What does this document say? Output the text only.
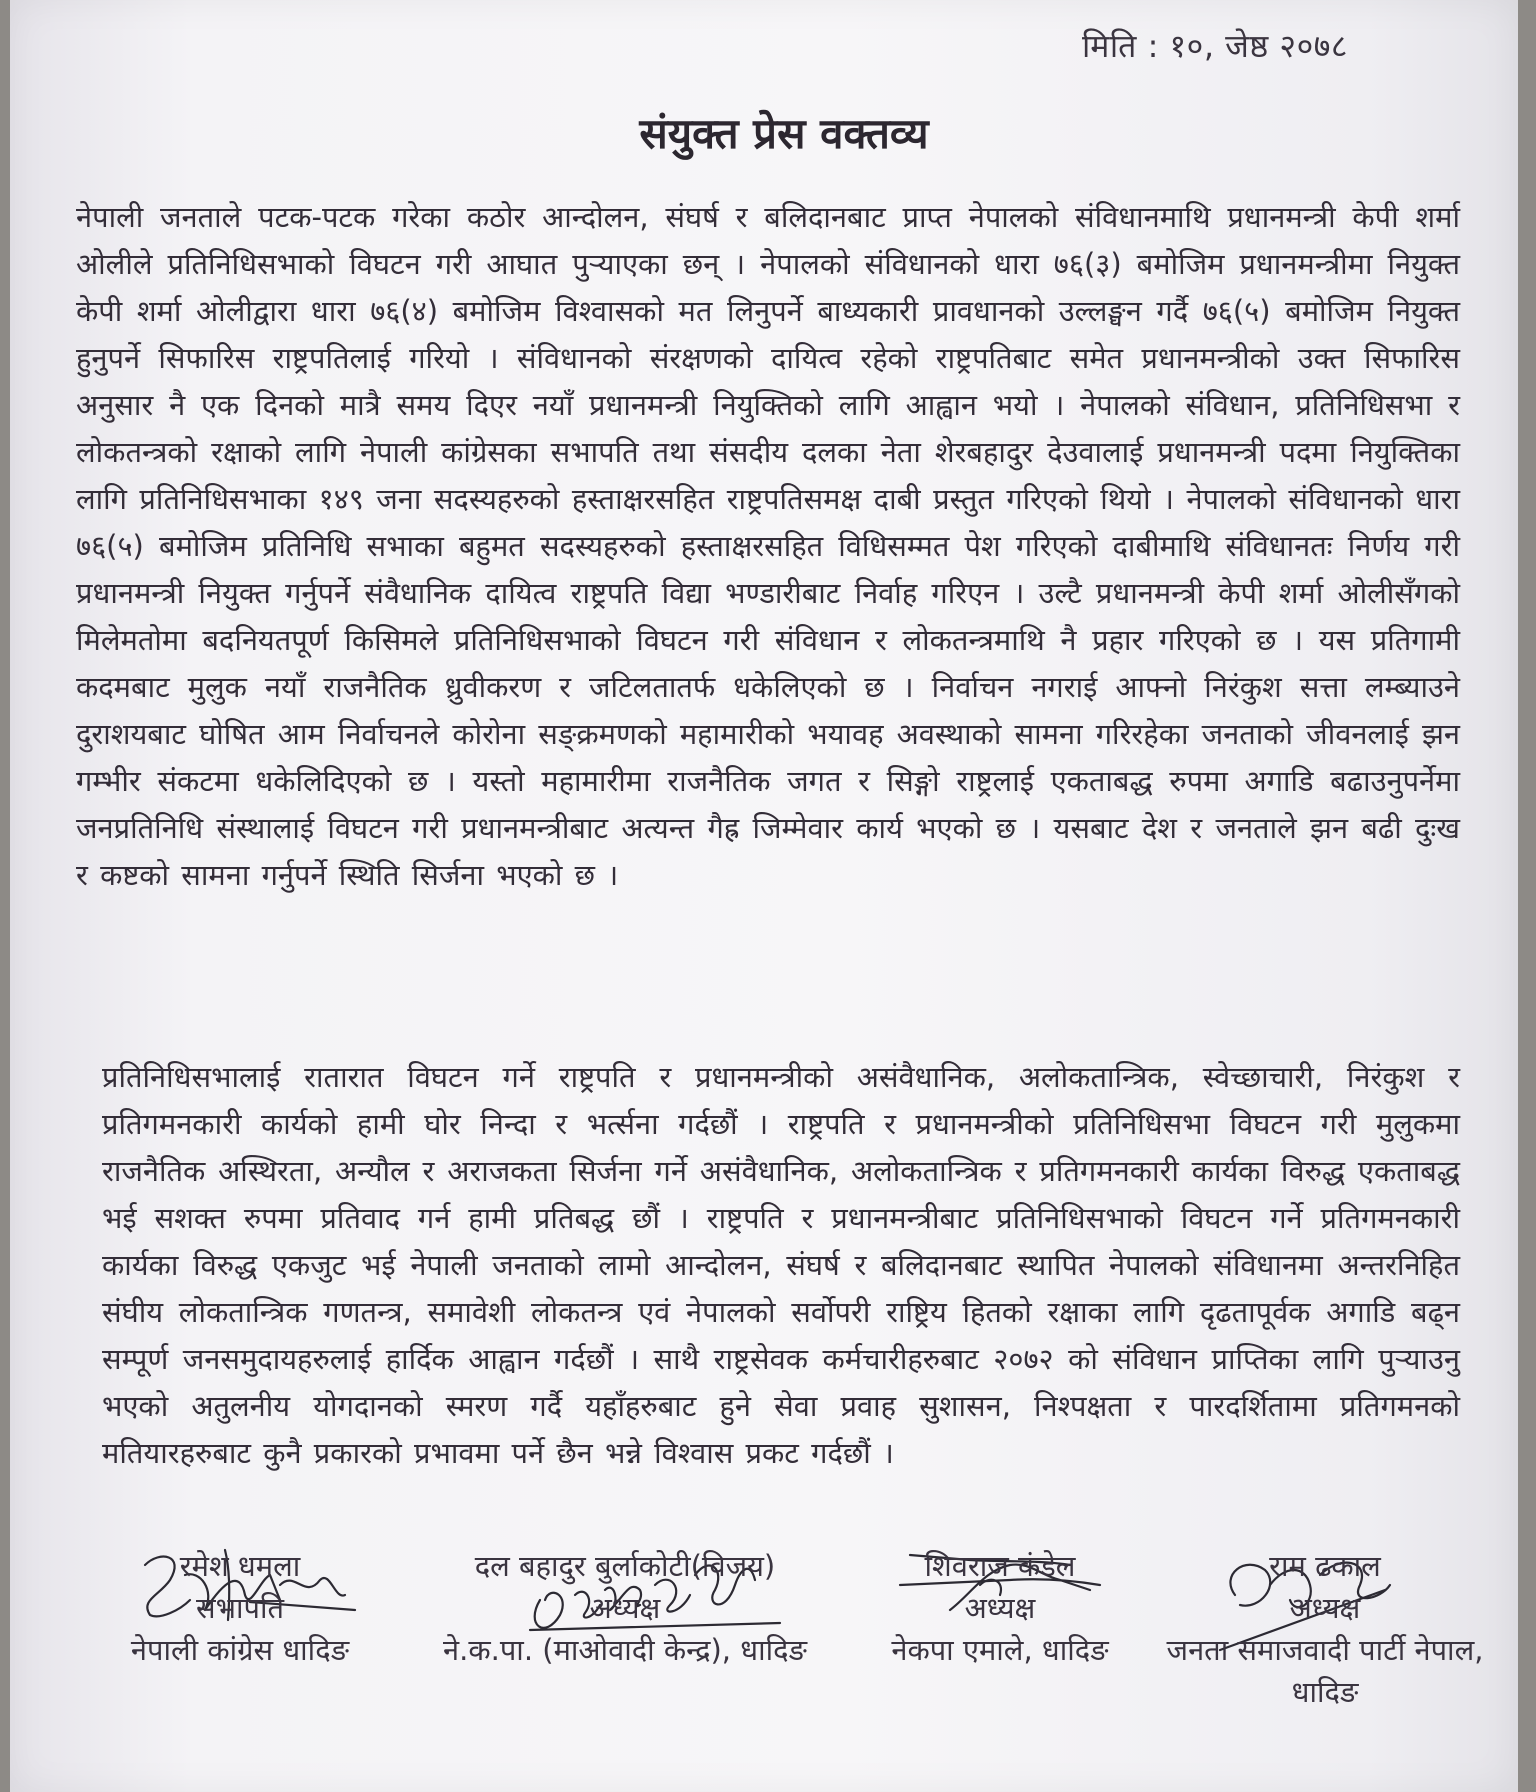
मिति : १०, जेष्ठ २०७८
संयुक्त प्रेस वक्तव्य

नेपाली जनताले पटक-पटक गरेका कठोर आन्दोलन, संघर्ष र बलिदानबाट प्राप्त नेपालको संविधानमाथि प्रधानमन्त्री केपी शर्मा ओलीले प्रतिनिधिसभाको विघटन गरी आघात पुऱ्याएका छन् । नेपालको संविधानको धारा ७६(३) बमोजिम प्रधानमन्त्रीमा नियुक्त केपी शर्मा ओलीद्वारा धारा ७६(४) बमोजिम विश्वासको मत लिनुपर्ने बाध्यकारी प्रावधानको उल्लङ्घन गर्दै ७६(५) बमोजिम नियुक्त हुनुपर्ने सिफारिस राष्ट्रपतिलाई गरियो । संविधानको संरक्षणको दायित्व रहेको राष्ट्रपतिबाट समेत प्रधानमन्त्रीको उक्त सिफारिस अनुसार नै एक दिनको मात्रै समय दिएर नयाँ प्रधानमन्त्री नियुक्तिको लागि आह्वान भयो । नेपालको संविधान, प्रतिनिधिसभा र लोकतन्त्रको रक्षाको लागि नेपाली कांग्रेसका सभापति तथा संसदीय दलका नेता शेरबहादुर देउवालाई प्रधानमन्त्री पदमा नियुक्तिका लागि प्रतिनिधिसभाका १४९ जना सदस्यहरुको हस्ताक्षरसहित राष्ट्रपतिसमक्ष दाबी प्रस्तुत गरिएको थियो । नेपालको संविधानको धारा ७६(५) बमोजिम प्रतिनिधि सभाका बहुमत सदस्यहरुको हस्ताक्षरसहित विधिसम्मत पेश गरिएको दाबीमाथि संविधानतः निर्णय गरी प्रधानमन्त्री नियुक्त गर्नुपर्ने संवैधानिक दायित्व राष्ट्रपति विद्या भण्डारीबाट निर्वाह गरिएन । उल्टै प्रधानमन्त्री केपी शर्मा ओलीसँगको मिलेमतोमा बदनियतपूर्ण किसिमले प्रतिनिधिसभाको विघटन गरी संविधान र लोकतन्त्रमाथि नै प्रहार गरिएको छ । यस प्रतिगामी कदमबाट मुलुक नयाँ राजनैतिक ध्रुवीकरण र जटिलतातर्फ धकेलिएको छ । निर्वाचन नगराई आफ्नो निरंकुश सत्ता लम्ब्याउने दुराशयबाट घोषित आम निर्वाचनले कोरोना सङ्क्रमणको महामारीको भयावह अवस्थाको सामना गरिरहेका जनताको जीवनलाई झन गम्भीर संकटमा धकेलिदिएको छ । यस्तो महामारीमा राजनैतिक जगत र सिङ्गो राष्ट्रलाई एकताबद्ध रुपमा अगाडि बढाउनुपर्नेमा जनप्रतिनिधि संस्थालाई विघटन गरी प्रधानमन्त्रीबाट अत्यन्त गैह्र जिम्मेवार कार्य भएको छ । यसबाट देश र जनताले झन बढी दुःख र कष्टको सामना गर्नुपर्ने स्थिति सिर्जना भएको छ ।

प्रतिनिधिसभालाई रातारात विघटन गर्ने राष्ट्रपति र प्रधानमन्त्रीको असंवैधानिक, अलोकतान्त्रिक, स्वेच्छाचारी, निरंकुश र प्रतिगमनकारी कार्यको हामी घोर निन्दा र भर्त्सना गर्दछौं । राष्ट्रपति र प्रधानमन्त्रीको प्रतिनिधिसभा विघटन गरी मुलुकमा राजनैतिक अस्थिरता, अन्यौल र अराजकता सिर्जना गर्ने असंवैधानिक, अलोकतान्त्रिक र प्रतिगमनकारी कार्यका विरुद्ध एकताबद्ध भई सशक्त रुपमा प्रतिवाद गर्न हामी प्रतिबद्ध छौं । राष्ट्रपति र प्रधानमन्त्रीबाट प्रतिनिधिसभाको विघटन गर्ने प्रतिगमनकारी कार्यका विरुद्ध एकजुट भई नेपाली जनताको लामो आन्दोलन, संघर्ष र बलिदानबाट स्थापित नेपालको संविधानमा अन्तरनिहित संघीय लोकतान्त्रिक गणतन्त्र, समावेशी लोकतन्त्र एवं नेपालको सर्वोपरी राष्ट्रिय हितको रक्षाका लागि दृढतापूर्वक अगाडि बढ्न सम्पूर्ण जनसमुदायहरुलाई हार्दिक आह्वान गर्दछौं । साथै राष्ट्रसेवक कर्मचारीहरुबाट २०७२ को संविधान प्राप्तिका लागि पुऱ्याउनु भएको अतुलनीय योगदानको स्मरण गर्दै यहाँहरुबाट हुने सेवा प्रवाह सुशासन, निश्पक्षता र पारदर्शितामा प्रतिगमनको मतियारहरुबाट कुनै प्रकारको प्रभावमा पर्ने छैन भन्ने विश्वास प्रकट गर्दछौं ।

रमेश धमला
सभापति
नेपाली कांग्रेस धादिङ
दल बहादुर बुर्लाकोटी(विजय)
अध्यक्ष
ने.क.पा. (माओवादी केन्द्र), धादिङ
शिवराज कंडेल
अध्यक्ष
नेकपा एमाले, धादिङ
राम ढकाल
अध्यक्ष
जनता समाजवादी पार्टी नेपाल, धादिङ
